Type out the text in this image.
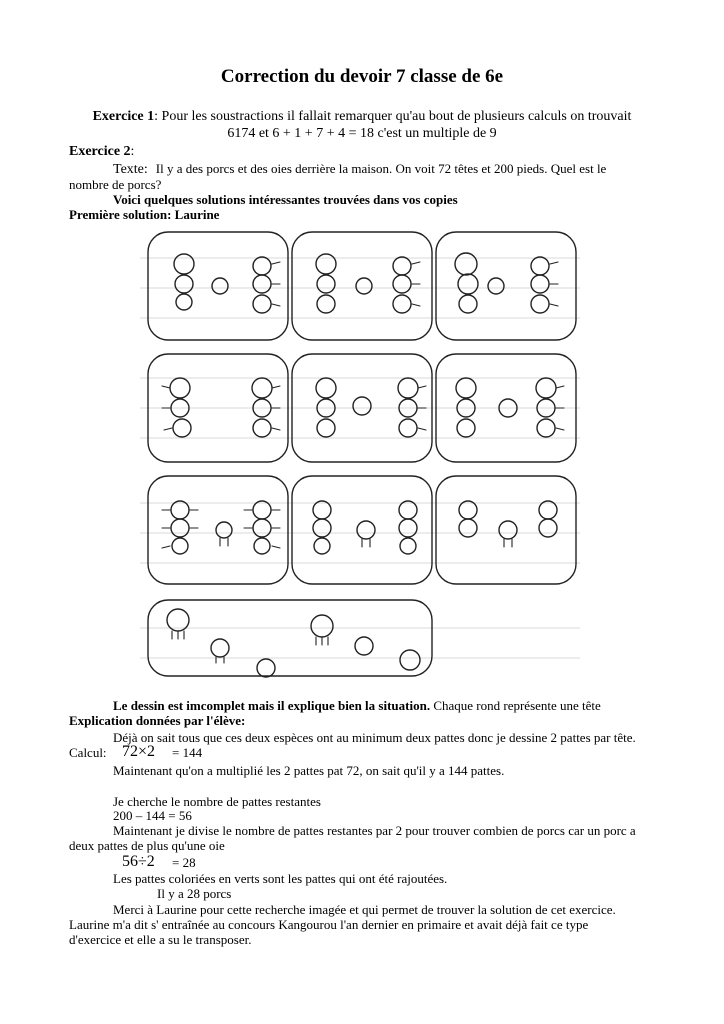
Correction du devoir 7 classe de 6e
Exercice 1: Pour les soustractions il fallait remarquer qu'au bout de plusieurs calculs on trouvait
6174 et 6 + 1 + 7 + 4 = 18 c'est un multiple de 9
Exercice 2:
Texte: Il y a des porcs et des oies derrière la maison. On voit 72 têtes et 200 pieds. Quel est le
nombre de porcs?
Voici quelques solutions intéressantes trouvées dans vos copies
Première solution: Laurine
Le dessin est imcomplet mais il explique bien la situation. Chaque rond représente une tête
Explication données par l'élève:
Déjà on sait tous que ces deux espèces ont au minimum deux pattes donc je dessine 2 pattes par tête.
Calcul: 72×2 = 144
Maintenant qu'on a multiplié les 2 pattes pat 72, on sait qu'il y a 144 pattes.
Je cherche le nombre de pattes restantes
200 – 144 = 56
Maintenant je divise le nombre de pattes restantes par 2 pour trouver combien de porcs car un porc a
deux pattes de plus qu'une oie
56÷2 = 28
Les pattes coloriées en verts sont les pattes qui ont été rajoutées.
Il y a 28 porcs
Merci à Laurine pour cette recherche imagée et qui permet de trouver la solution de cet exercice.
Laurine m'a dit s' entraînée au concours Kangourou l'an dernier en primaire et avait déjà fait ce type
d'exercice et elle a su le transposer.
